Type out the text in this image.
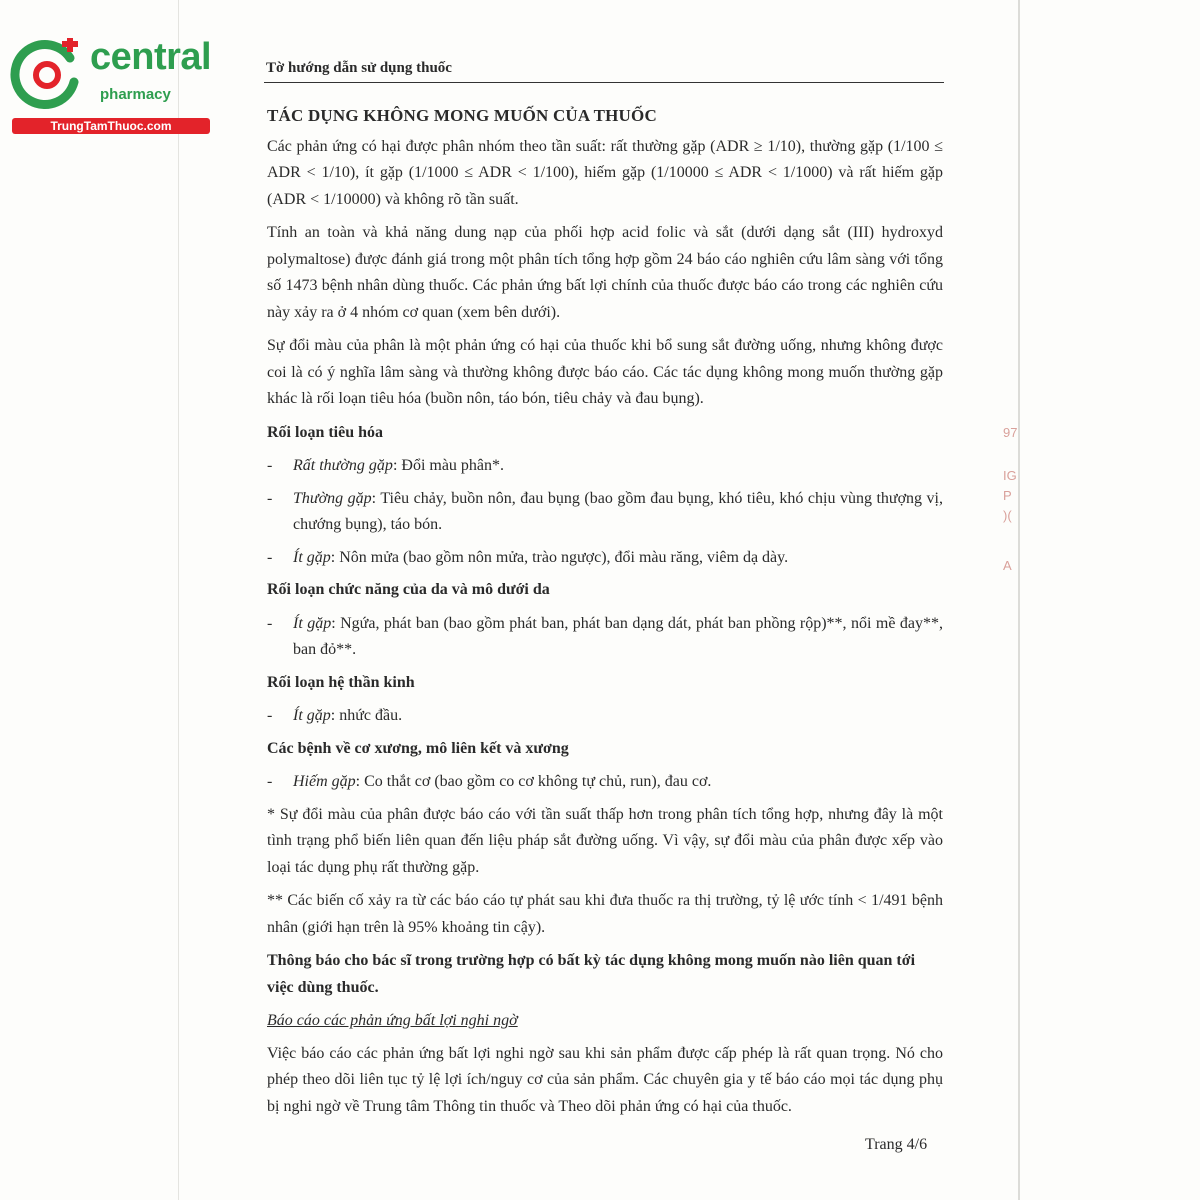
97
IG
P
)(
A
central
pharmacy
TrungTamThuoc.com
Tờ hướng dẫn sử dụng thuốc
TÁC DỤNG KHÔNG MONG MUỐN CỦA THUỐC

Các phản ứng có hại được phân nhóm theo tần suất: rất thường gặp (ADR ≥ 1/10), thường gặp (1/100 ≤ ADR < 1/10), ít gặp (1/1000 ≤ ADR < 1/100), hiếm gặp (1/10000 ≤ ADR < 1/1000) và rất hiếm gặp (ADR < 1/10000) và không rõ tần suất.

Tính an toàn và khả năng dung nạp của phối hợp acid folic và sắt (dưới dạng sắt (III) hydroxyd polymaltose) được đánh giá trong một phân tích tổng hợp gồm 24 báo cáo nghiên cứu lâm sàng với tổng số 1473 bệnh nhân dùng thuốc. Các phản ứng bất lợi chính của thuốc được báo cáo trong các nghiên cứu này xảy ra ở 4 nhóm cơ quan (xem bên dưới).

Sự đổi màu của phân là một phản ứng có hại của thuốc khi bổ sung sắt đường uống, nhưng không được coi là có ý nghĩa lâm sàng và thường không được báo cáo. Các tác dụng không mong muốn thường gặp khác là rối loạn tiêu hóa (buồn nôn, táo bón, tiêu chảy và đau bụng).

Rối loạn tiêu hóa
-	Rất thường gặp: Đổi màu phân*.
-	Thường gặp: Tiêu chảy, buồn nôn, đau bụng (bao gồm đau bụng, khó tiêu, khó chịu vùng thượng vị, chướng bụng), táo bón.
-	Ít gặp: Nôn mửa (bao gồm nôn mửa, trào ngược), đổi màu răng, viêm dạ dày.
Rối loạn chức năng của da và mô dưới da
-	Ít gặp: Ngứa, phát ban (bao gồm phát ban, phát ban dạng dát, phát ban phồng rộp)**, nổi mề đay**, ban đỏ**.
Rối loạn hệ thần kinh
-	Ít gặp: nhức đầu.
Các bệnh về cơ xương, mô liên kết và xương
-	Hiếm gặp: Co thắt cơ (bao gồm co cơ không tự chủ, run), đau cơ.

* Sự đổi màu của phân được báo cáo với tần suất thấp hơn trong phân tích tổng hợp, nhưng đây là một tình trạng phổ biến liên quan đến liệu pháp sắt đường uống. Vì vậy, sự đổi màu của phân được xếp vào loại tác dụng phụ rất thường gặp.

** Các biến cố xảy ra từ các báo cáo tự phát sau khi đưa thuốc ra thị trường, tỷ lệ ước tính < 1/491 bệnh nhân (giới hạn trên là 95% khoảng tin cậy).

Thông báo cho bác sĩ trong trường hợp có bất kỳ tác dụng không mong muốn nào liên quan tới việc dùng thuốc.
Báo cáo các phản ứng bất lợi nghi ngờ

Việc báo cáo các phản ứng bất lợi nghi ngờ sau khi sản phẩm được cấp phép là rất quan trọng. Nó cho phép theo dõi liên tục tỷ lệ lợi ích/nguy cơ của sản phẩm. Các chuyên gia y tế báo cáo mọi tác dụng phụ bị nghi ngờ về Trung tâm Thông tin thuốc và Theo dõi phản ứng có hại của thuốc.

Trang 4/6
